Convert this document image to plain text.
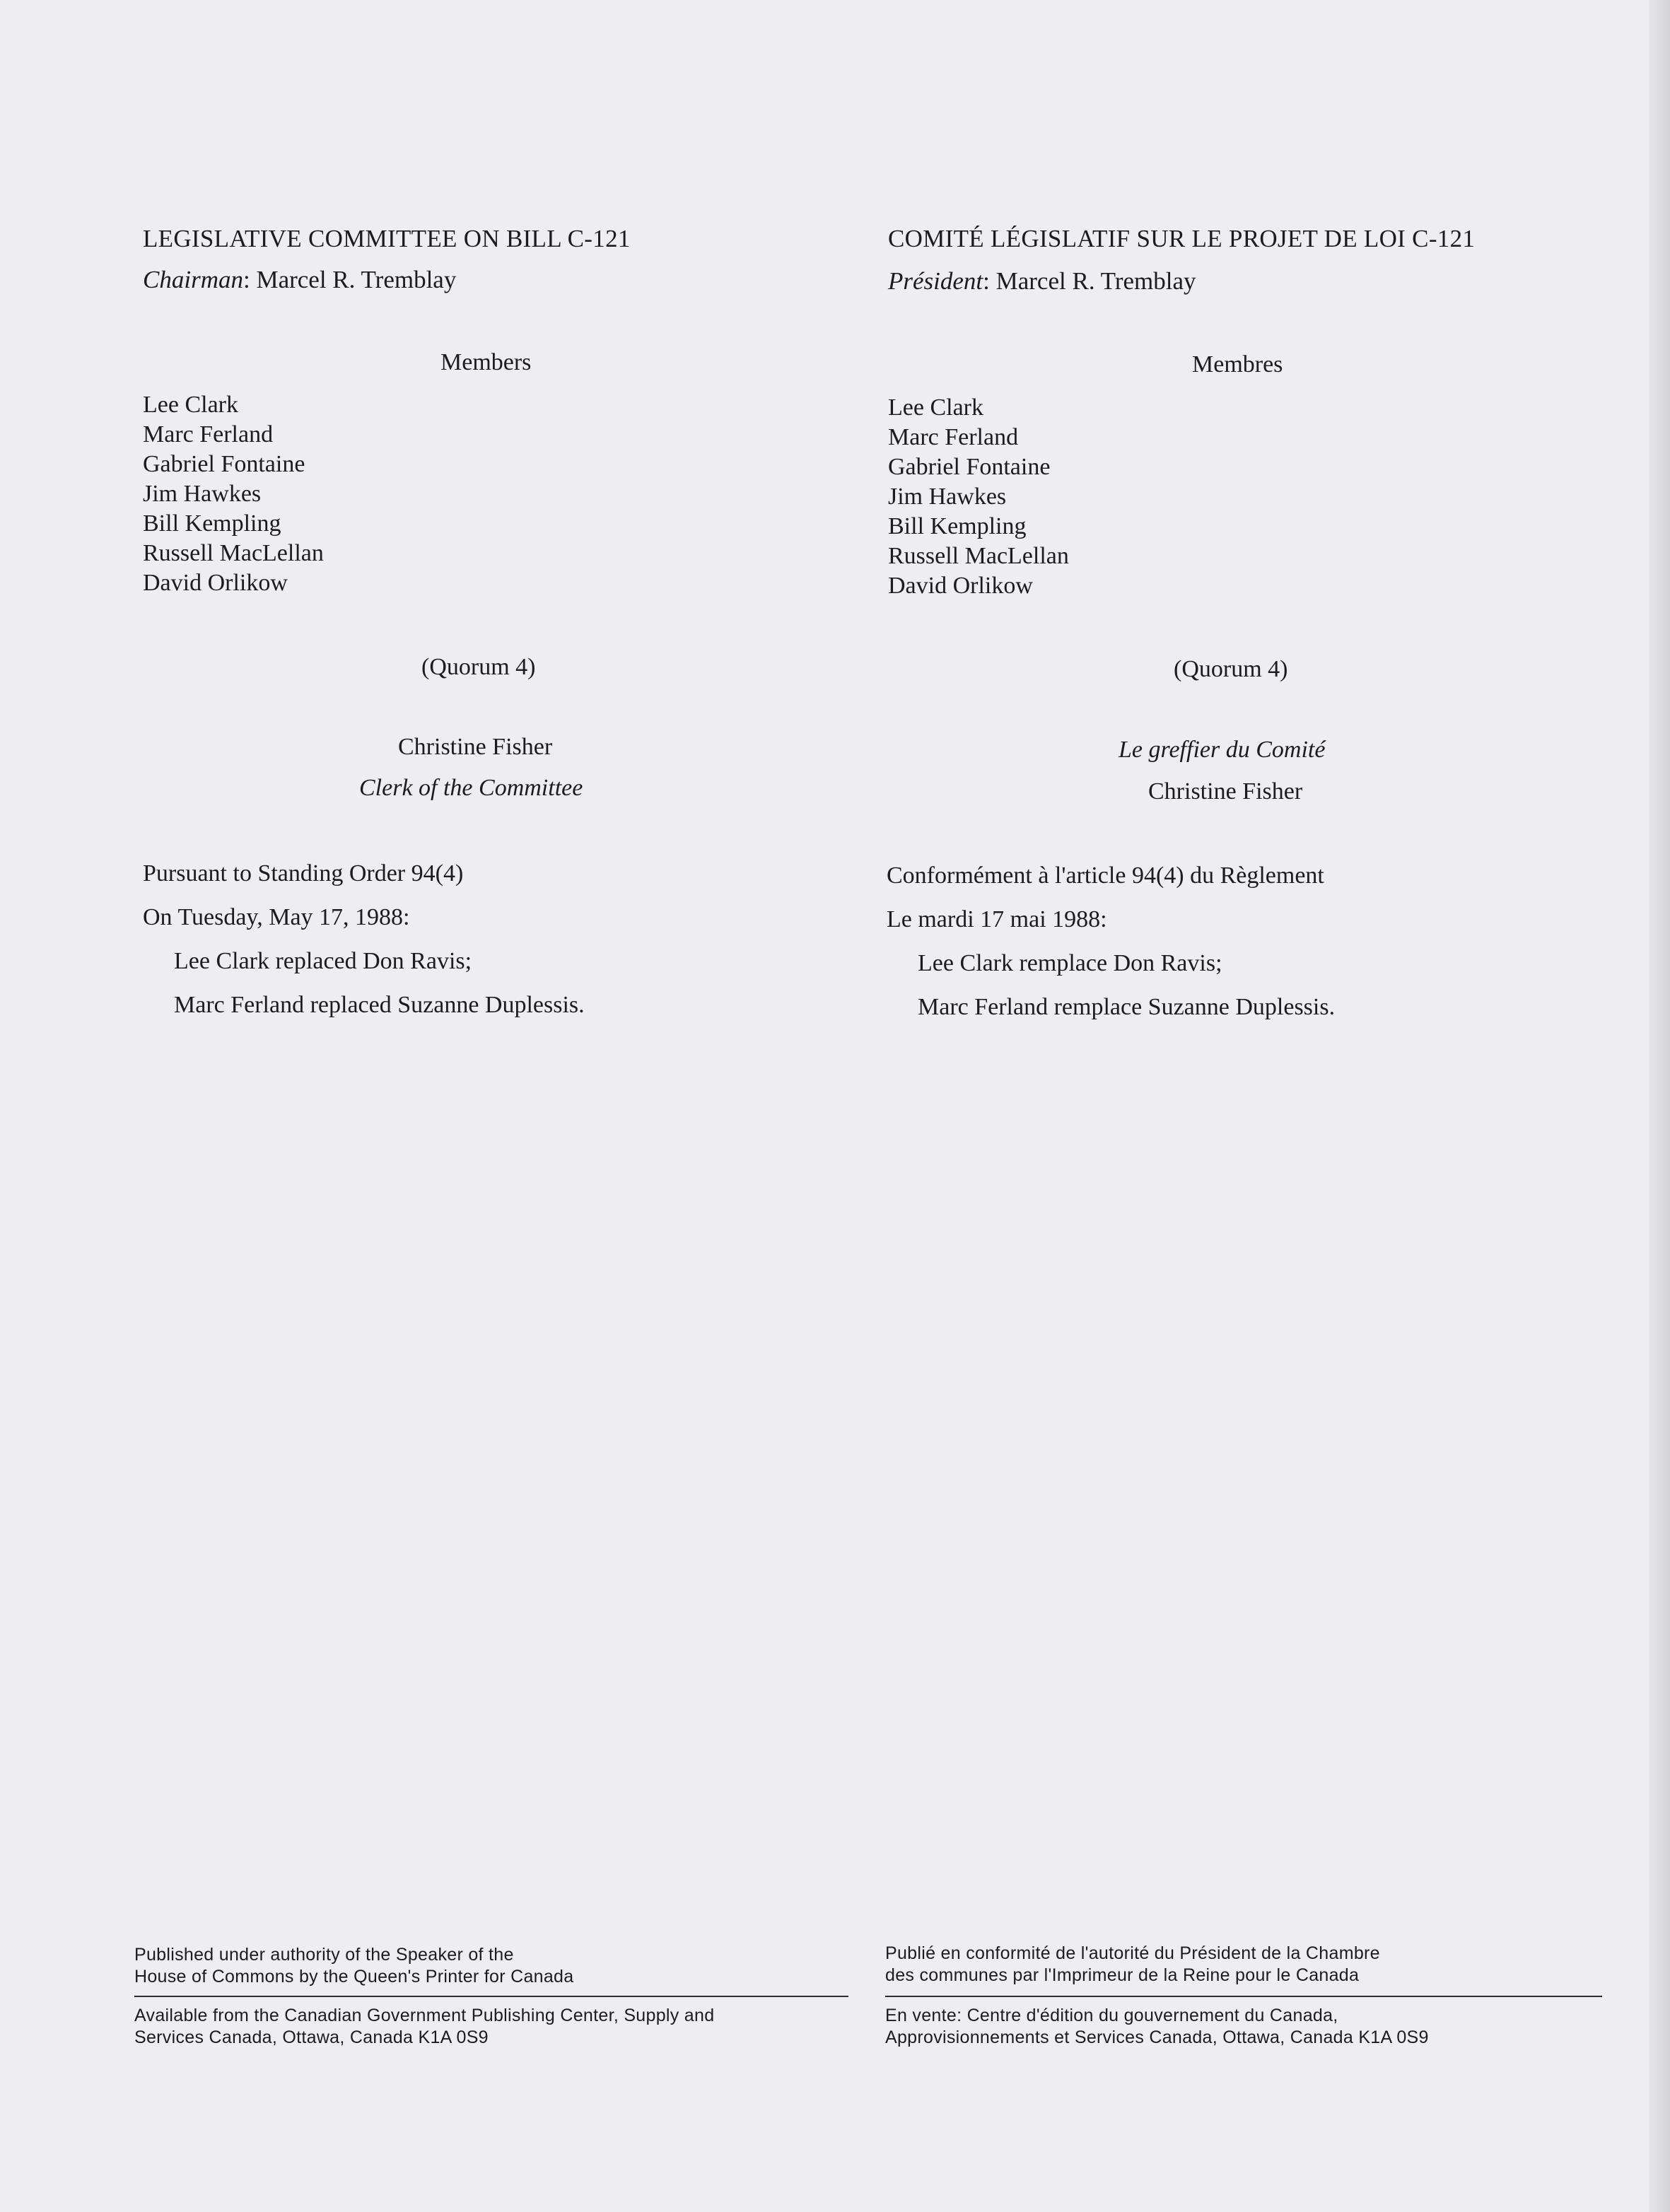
LEGISLATIVE COMMITTEE ON BILL C-121
Chairman: Marcel R. Tremblay
Members
Lee Clark
Marc Ferland
Gabriel Fontaine
Jim Hawkes
Bill Kempling
Russell MacLellan
David Orlikow
(Quorum 4)
Christine Fisher
Clerk of the Committee
Pursuant to Standing Order 94(4)
On Tuesday, May 17, 1988:
Lee Clark replaced Don Ravis;
Marc Ferland replaced Suzanne Duplessis.
Published under authority of the Speaker of the
House of Commons by the Queen's Printer for Canada
Available from the Canadian Government Publishing Center, Supply and
Services Canada, Ottawa, Canada K1A 0S9
COMITÉ LÉGISLATIF SUR LE PROJET DE LOI C-121
Président: Marcel R. Tremblay
Membres
Lee Clark
Marc Ferland
Gabriel Fontaine
Jim Hawkes
Bill Kempling
Russell MacLellan
David Orlikow
(Quorum 4)
Le greffier du Comité
Christine Fisher
Conformément à l'article 94(4) du Règlement
Le mardi 17 mai 1988:
Lee Clark remplace Don Ravis;
Marc Ferland remplace Suzanne Duplessis.
Publié en conformité de l'autorité du Président de la Chambre
des communes par l'Imprimeur de la Reine pour le Canada
En vente: Centre d'édition du gouvernement du Canada,
Approvisionnements et Services Canada, Ottawa, Canada K1A 0S9
